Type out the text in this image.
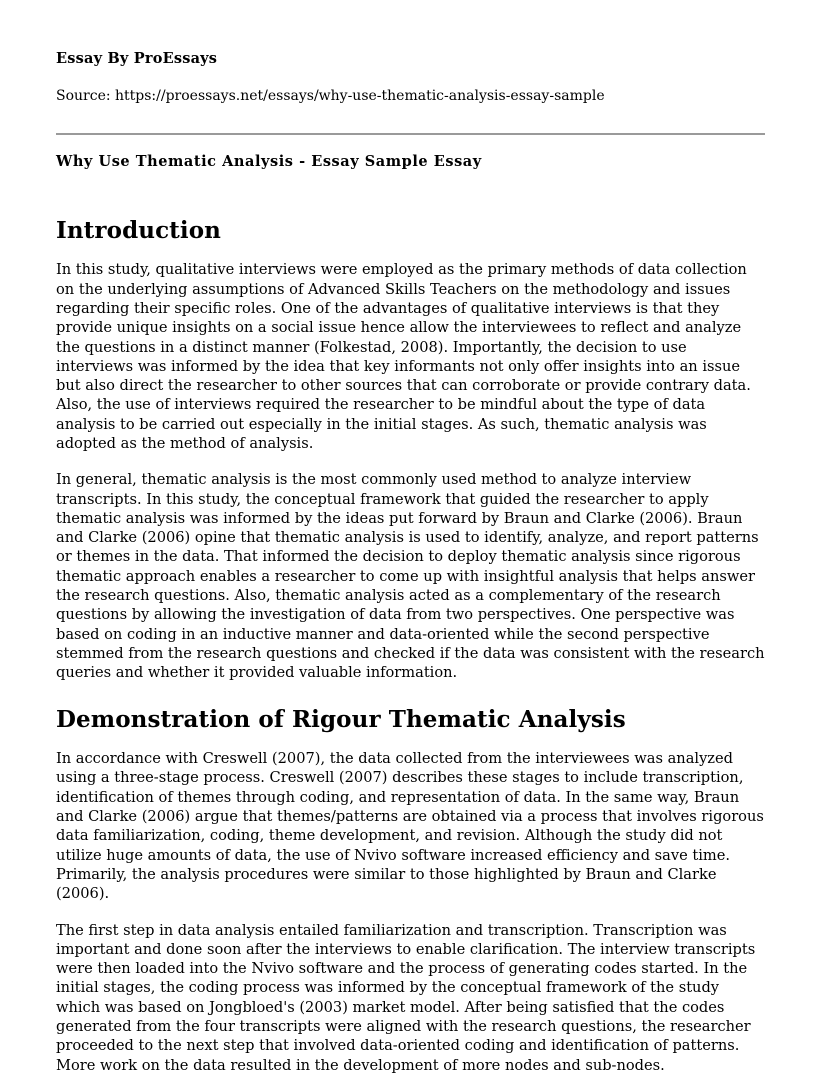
Essay By ProEssays
Source: https://proessays.net/essays/why-use-thematic-analysis-essay-sample
Why Use Thematic Analysis - Essay Sample Essay
Introduction

In this study, qualitative interviews were employed as the primary methods of data collection on the underlying assumptions of Advanced Skills Teachers on the methodology and issues regarding their specific roles. One of the advantages of qualitative interviews is that they provide unique insights on a social issue hence allow the interviewees to reflect and analyze the questions in a distinct manner (Folkestad, 2008). Importantly, the decision to use interviews was informed by the idea that key informants not only offer insights into an issue but also direct the researcher to other sources that can corroborate or provide contrary data. Also, the use of interviews required the researcher to be mindful about the type of data analysis to be carried out especially in the initial stages. As such, thematic analysis was adopted as the method of analysis.

In general, thematic analysis is the most commonly used method to analyze interview transcripts. In this study, the conceptual framework that guided the researcher to apply thematic analysis was informed by the ideas put forward by Braun and Clarke (2006). Braun and Clarke (2006) opine that thematic analysis is used to identify, analyze, and report patterns or themes in the data. That informed the decision to deploy thematic analysis since rigorous thematic approach enables a researcher to come up with insightful analysis that helps answer the research questions. Also, thematic analysis acted as a complementary of the research questions by allowing the investigation of data from two perspectives. One perspective was based on coding in an inductive manner and data-oriented while the second perspective stemmed from the research questions and checked if the data was consistent with the research queries and whether it provided valuable information.

Demonstration of Rigour Thematic Analysis

In accordance with Creswell (2007), the data collected from the interviewees was analyzed using a three-stage process. Creswell (2007) describes these stages to include transcription, identification of themes through coding, and representation of data. In the same way, Braun and Clarke (2006) argue that themes/patterns are obtained via a process that involves rigorous data familiarization, coding, theme development, and revision. Although the study did not utilize huge amounts of data, the use of Nvivo software increased efficiency and save time. Primarily, the analysis procedures were similar to those highlighted by Braun and Clarke (2006).

The first step in data analysis entailed familiarization and transcription. Transcription was important and done soon after the interviews to enable clarification. The interview transcripts were then loaded into the Nvivo software and the process of generating codes started. In the initial stages, the coding process was informed by the conceptual framework of the study which was based on Jongbloed's (2003) market model. After being satisfied that the codes generated from the four transcripts were aligned with the research questions, the researcher proceeded to the next step that involved data-oriented coding and identification of patterns. More work on the data resulted in the development of more nodes and sub-nodes.
